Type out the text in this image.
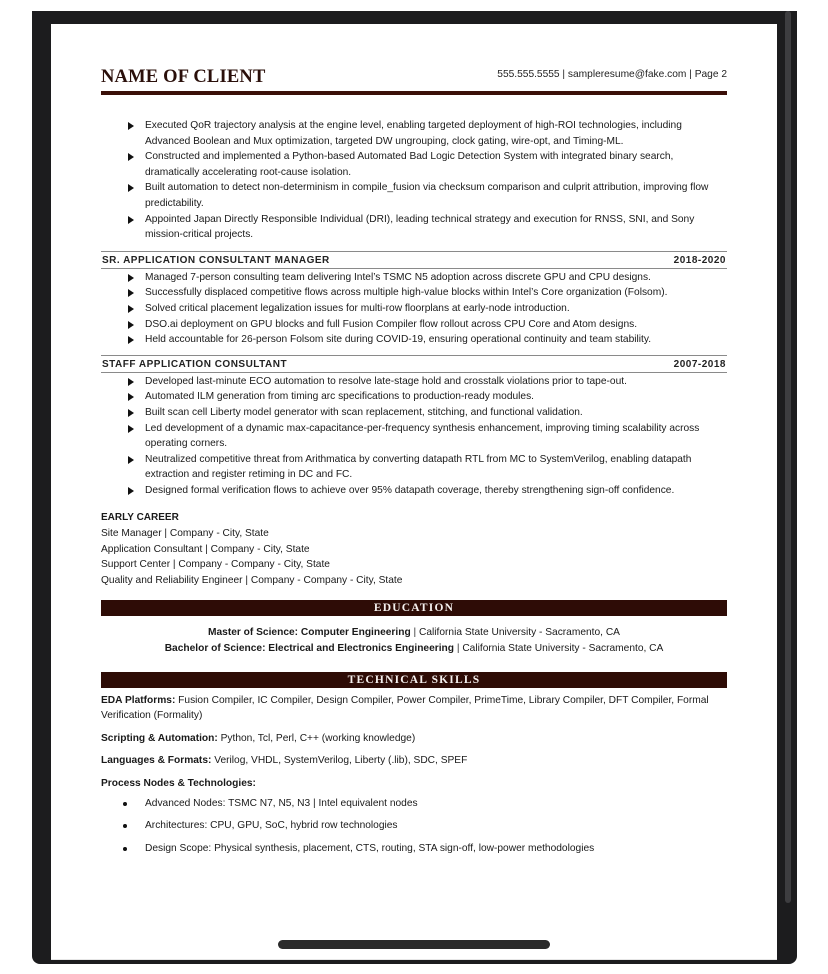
NAME OF CLIENT	555.555.5555 | sampleresume@fake.com | Page 2
Executed QoR trajectory analysis at the engine level, enabling targeted deployment of high-ROI technologies, including Advanced Boolean and Mux optimization, targeted DW ungrouping, clock gating, wire-opt, and Timing-ML.
Constructed and implemented a Python-based Automated Bad Logic Detection System with integrated binary search, dramatically accelerating root-cause isolation.
Built automation to detect non-determinism in compile_fusion via checksum comparison and culprit attribution, improving flow predictability.
Appointed Japan Directly Responsible Individual (DRI), leading technical strategy and execution for RNSS, SNI, and Sony mission-critical projects.
SR. APPLICATION CONSULTANT MANAGER	2018-2020
Managed 7-person consulting team delivering Intel’s TSMC N5 adoption across discrete GPU and CPU designs.
Successfully displaced competitive flows across multiple high-value blocks within Intel’s Core organization (Folsom).
Solved critical placement legalization issues for multi-row floorplans at early-node introduction.
DSO.ai deployment on GPU blocks and full Fusion Compiler flow rollout across CPU Core and Atom designs.
Held accountable for 26-person Folsom site during COVID-19, ensuring operational continuity and team stability.
STAFF APPLICATION CONSULTANT	2007-2018
Developed last-minute ECO automation to resolve late-stage hold and crosstalk violations prior to tape-out.
Automated ILM generation from timing arc specifications to production-ready modules.
Built scan cell Liberty model generator with scan replacement, stitching, and functional validation.
Led development of a dynamic max-capacitance-per-frequency synthesis enhancement, improving timing scalability across operating corners.
Neutralized competitive threat from Arithmatica by converting datapath RTL from MC to SystemVerilog, enabling datapath extraction and register retiming in DC and FC.
Designed formal verification flows to achieve over 95% datapath coverage, thereby strengthening sign-off confidence.
EARLY CAREER
Site Manager | Company - City, State
Application Consultant | Company - City, State
Support Center | Company - Company - City, State
Quality and Reliability Engineer | Company - Company - City, State
EDUCATION
Master of Science: Computer Engineering | California State University - Sacramento, CA
Bachelor of Science: Electrical and Electronics Engineering | California State University - Sacramento, CA
TECHNICAL SKILLS
EDA Platforms: Fusion Compiler, IC Compiler, Design Compiler, Power Compiler, PrimeTime, Library Compiler, DFT Compiler, Formal Verification (Formality)
Scripting & Automation: Python, Tcl, Perl, C++ (working knowledge)
Languages & Formats: Verilog, VHDL, SystemVerilog, Liberty (.lib), SDC, SPEF
Process Nodes & Technologies:
Advanced Nodes: TSMC N7, N5, N3 | Intel equivalent nodes
Architectures: CPU, GPU, SoC, hybrid row technologies
Design Scope: Physical synthesis, placement, CTS, routing, STA sign-off, low-power methodologies
